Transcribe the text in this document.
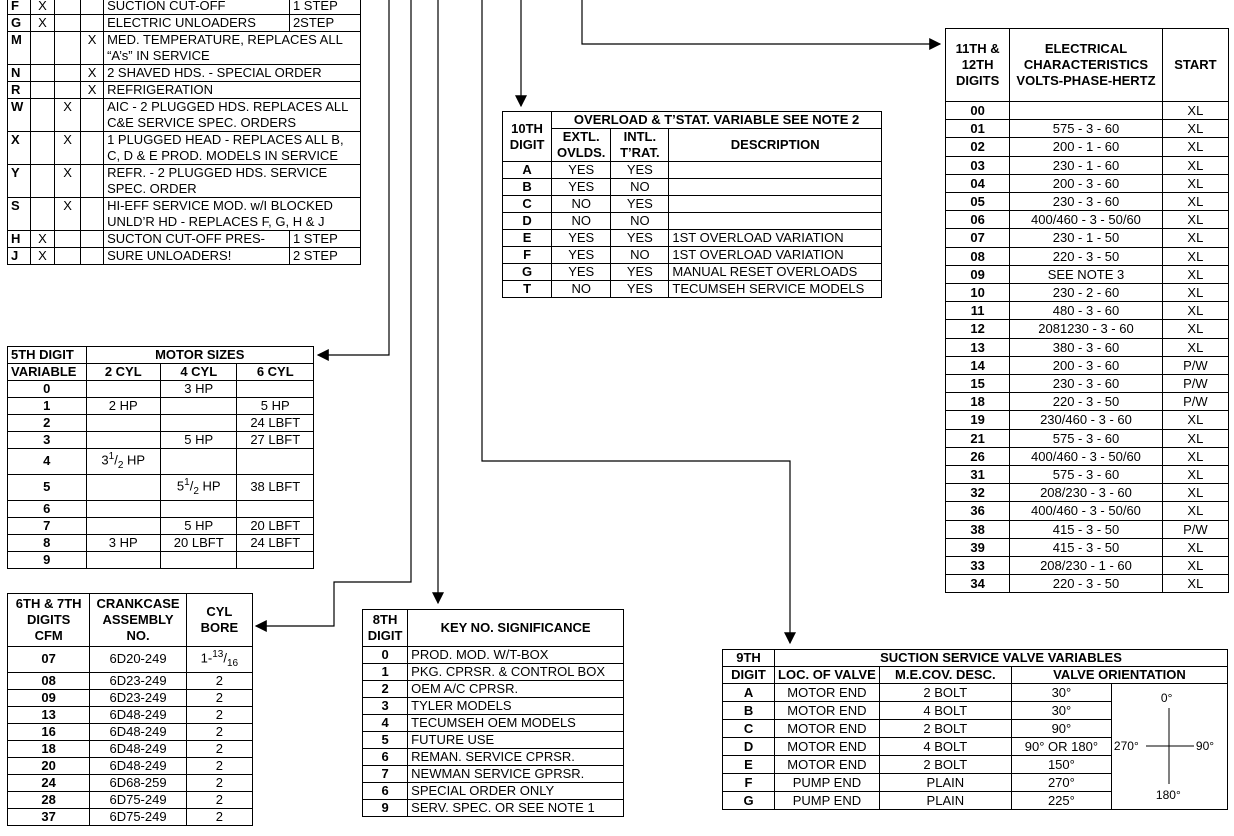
F	X			SUCTION CUT-OFF	1 STEP
G	X			ELECTRIC UNLOADERS	2STEP
M			X	MED. TEMPERATURE, REPLACES ALL “A’s” IN SERVICE	
N			X	2 SHAVED HDS. - SPECIAL ORDER	
R			X	REFRIGERATION	
W		X		AIC - 2 PLUGGED HDS. REPLACES ALL C&E SERVICE SPEC. ORDERS	
X		X		1 PLUGGED HEAD - REPLACES ALL B, C, D & E PROD. MODELS IN SERVICE	
Y		X		REFR. - 2 PLUGGED HDS. SERVICE SPEC. ORDER	
S		X		HI-EFF SERVICE MOD. w/I BLOCKED UNLD’R HD - REPLACES F, G, H & J	
H	X			SUCTON CUT-OFF PRES-	1 STEP
J	X			SURE UNLOADERS!	2 STEP
5TH DIGIT	MOTOR SIZES		
VARIABLE	2 CYL	4 CYL	6 CYL
0		3 HP	
1	2 HP		5 HP
2			24 LBFT
3		5 HP	27 LBFT
4	$3^1/_2$ HP		
5		$5^1/_2$ HP	38 LBFT
6			
7		5 HP	20 LBFT
8	3 HP	20 LBFT	24 LBFT
9			
6TH & 7TH DIGITS
CFM	CRANKCASE ASSEMBLY NO.	CYL BORE
07	6D20-249	$1-^{13}/_{16}$
08	6D23-249	2
09	6D23-249	2
13	6D48-249	2
16	6D48-249	2
18	6D48-249	2
20	6D48-249	2
24	6D68-259	2
28	6D75-249	2
37	6D75-249	2
8TH DIGIT	KEY NO. SIGNIFICANCE
0	PROD. MOD. W/T-BOX
1	PKG. CPRSR. & CONTROL BOX
2	OEM A/C CPRSR.
3	TYLER MODELS
4	TECUMSEH OEM MODELS
5	FUTURE USE
6	REMAN. SERVICE CPRSR.
7	NEWMAN SERVICE GPRSR.
6	SPECIAL ORDER ONLY
9	SERV. SPEC. OR SEE NOTE 1
10TH DIGIT	OVERLOAD & T’STAT. VARIABLE SEE NOTE 2		
	EXTL. OVLDS.	INTL. T’RAT.	DESCRIPTION
A	YES	YES	
B	YES	NO	
C	NO	YES	
D	NO	NO	
E	YES	YES	1ST OVERLOAD VARIATION
F	YES	NO	1ST OVERLOAD VARIATION
G	YES	YES	MANUAL RESET OVERLOADS
T	NO	YES	TECUMSEH SERVICE MODELS
11TH & 12TH DIGITS	ELECTRICAL CHARACTERISTICS VOLTS-PHASE-HERTZ	START
00		XL
01	575 - 3 - 60	XL
02	200 - 1 - 60	XL
03	230 - 1 - 60	XL
04	200 - 3 - 60	XL
05	230 - 3 - 60	XL
06	400/460 - 3 - 50/60	XL
07	230 - 1 - 50	XL
08	220 - 3 - 50	XL
09	SEE NOTE 3	XL
10	230 - 2 - 60	XL
11	480 - 3 - 60	XL
12	2081230 - 3 - 60	XL
13	380 - 3 - 60	XL
14	200 - 3 - 60	P/W
15	230 - 3 - 60	P/W
18	220 - 3 - 50	P/W
19	230/460 - 3 - 60	XL
21	575 - 3 - 60	XL
26	400/460 - 3 - 50/60	XL
31	575 - 3 - 60	XL
32	208/230 - 3 - 60	XL
36	400/460 - 3 - 50/60	XL
38	415 - 3 - 50	P/W
39	415 - 3 - 50	XL
33	208/230 - 1 - 60	XL
34	220 - 3 - 50	XL
9TH	SUCTION SERVICE VALVE VARIABLES			
DIGIT	LOC. OF VALVE	M.E.COV. DESC.	VALVE ORIENTATION	
A	MOTOR END	2 BOLT	30°	0°
270° 90°
180°

B	MOTOR END	4 BOLT	30°	
C	MOTOR END	2 BOLT	90°	
D	MOTOR END	4 BOLT	90° OR 180°	
E	MOTOR END	2 BOLT	150°	
F	PUMP END	PLAIN	270°	
G	PUMP END	PLAIN	225°	
